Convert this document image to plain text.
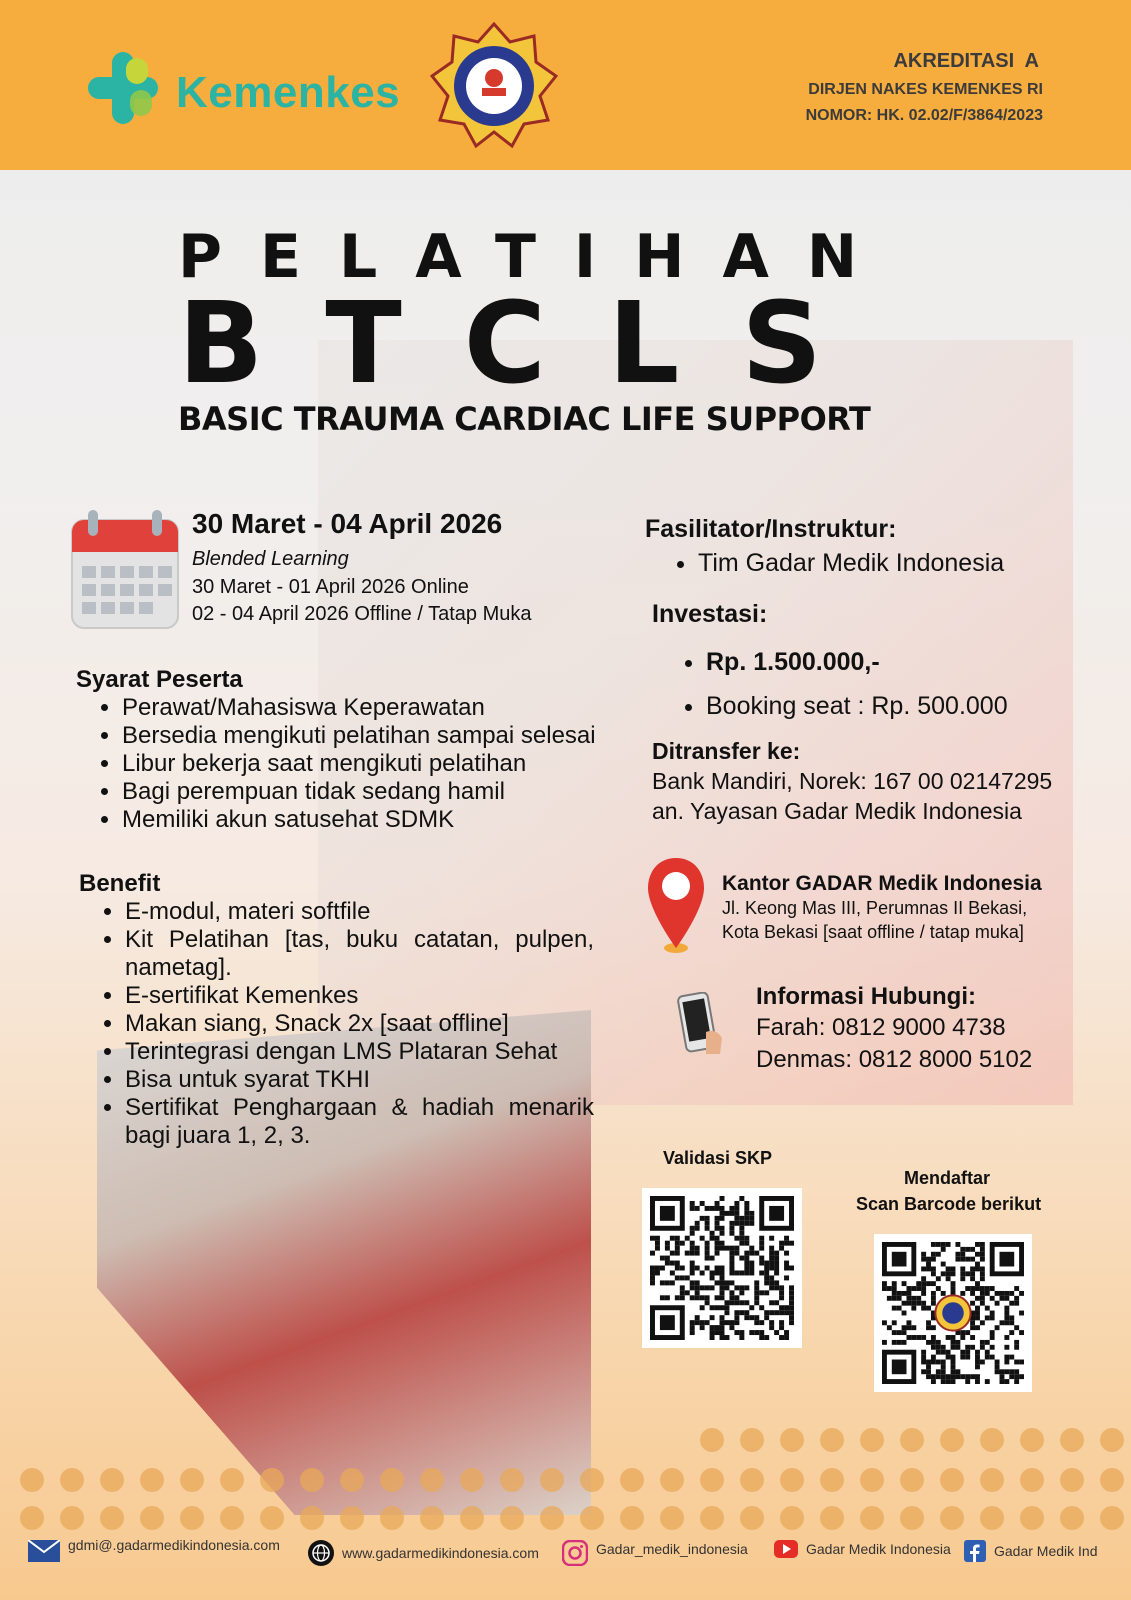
Kemenkes
AKREDITASI  A
DIRJEN NAKES KEMENKES RI
NOMOR: HK. 02.02/F/3864/2023
PELATIHAN
BTCLS
BASIC TRAUMA CARDIAC LIFE SUPPORT
30 Maret - 04 April 2026
Blended Learning
30 Maret - 01 April 2026 Online
02 - 04 April 2026 Offline / Tatap Muka
Syarat Peserta
• Perawat/Mahasiswa Keperawatan
• Bersedia mengikuti pelatihan sampai selesai
• Libur bekerja saat mengikuti pelatihan
• Bagi perempuan tidak sedang hamil
• Memiliki akun satusehat SDMK
Benefit
• E-modul, materi softfile
• Kit Pelatihan [tas, buku catatan, pulpen, nametag].
• E-sertifikat Kemenkes
• Makan siang, Snack 2x [saat offline]
• Terintegrasi dengan LMS Plataran Sehat
• Bisa untuk syarat TKHI
• Sertifikat Penghargaan & hadiah menarik bagi juara 1, 2, 3.
Fasilitator/Instruktur:
• Tim Gadar Medik Indonesia
Investasi:
• Rp. 1.500.000,-
• Booking seat : Rp. 500.000
Ditransfer ke:
Bank Mandiri, Norek: 167 00 02147295
an. Yayasan Gadar Medik Indonesia
Kantor GADAR Medik Indonesia
Jl. Keong Mas III, Perumnas II Bekasi,
Kota Bekasi [saat offline / tatap muka]
Informasi Hubungi:
Farah: 0812 9000 4738
Denmas: 0812 8000 5102
Validasi SKP
Mendaftar
Scan Barcode berikut
gdmi@.gadarmedikindonesia.com	www.gadarmedikindonesia.com	Gadar_medik_indonesia	Gadar Medik Indonesia	Gadar Medik Ind
